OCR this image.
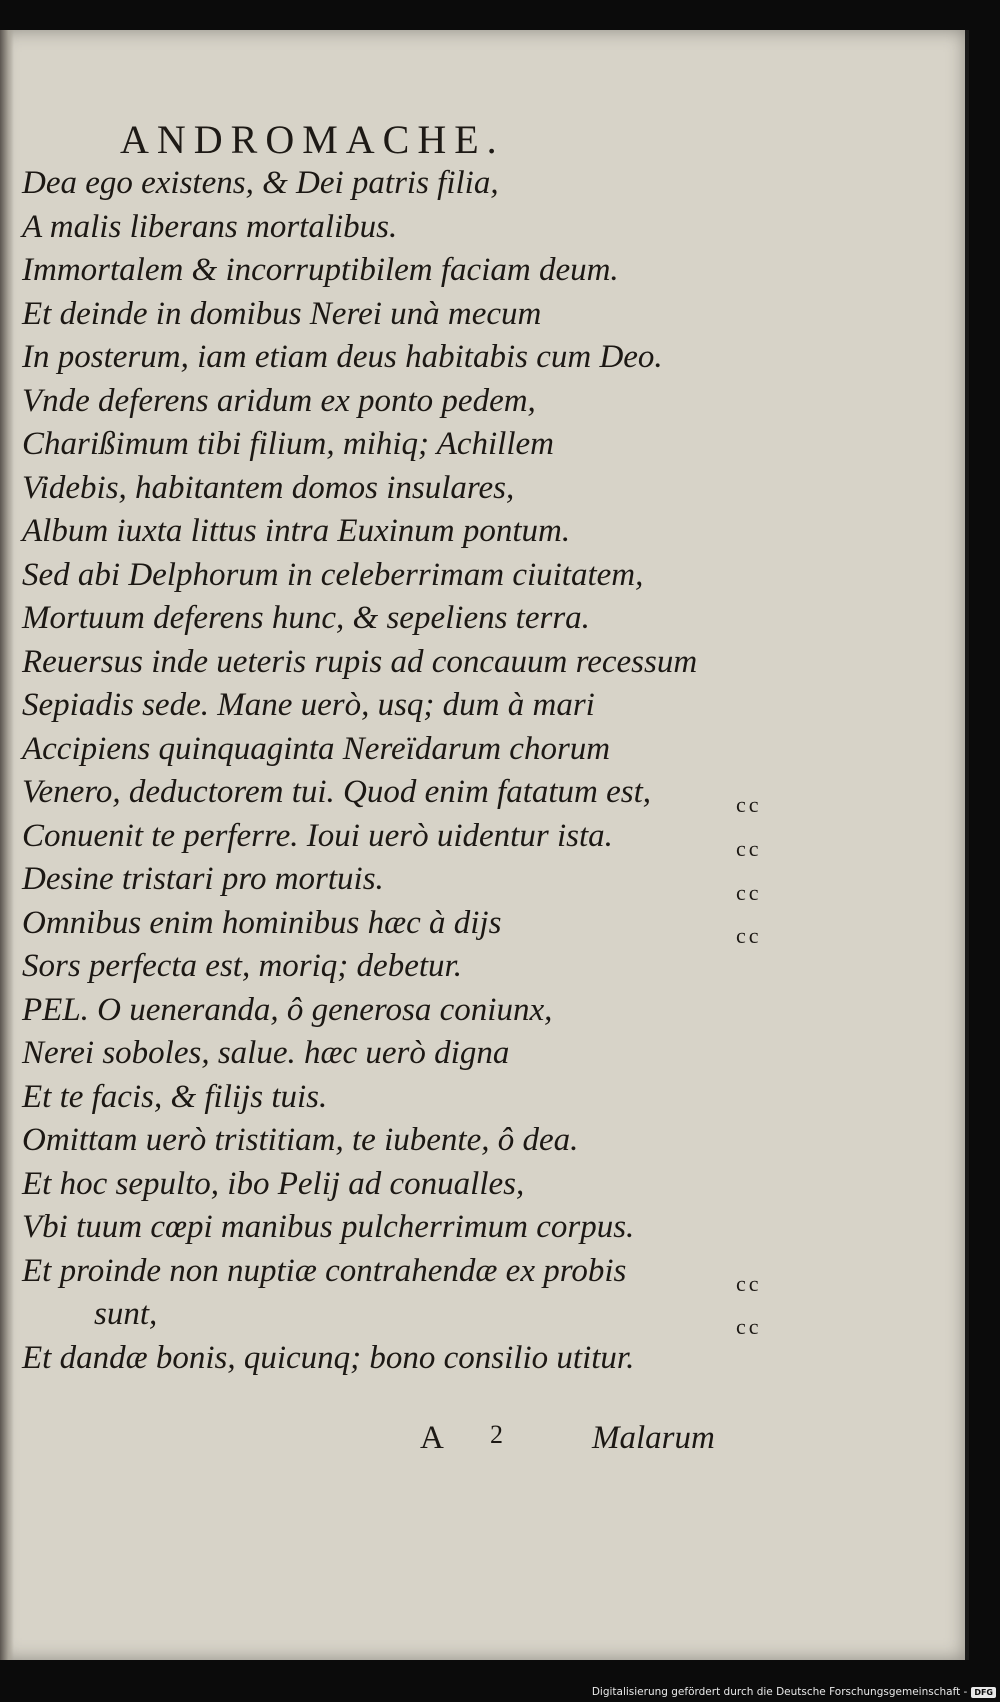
ANDROMACHE.
Dea ego existens, & Dei patris filia,
A malis liberans mortalibus.
Immortalem & incorruptibilem faciam deum.
Et deinde in domibus Nerei unà mecum
In posterum, iam etiam deus habitabis cum Deo.
Vnde deferens aridum ex ponto pedem,
Charißimum tibi filium, mihiq; Achillem
Videbis, habitantem domos insulares,
Album iuxta littus intra Euxinum pontum.
Sed abi Delphorum in celeberrimam ciuitatem,
Mortuum deferens hunc, & sepeliens terra.
Reuersus inde ueteris rupis ad concauum recessum
Sepiadis sede. Mane uerò, usq; dum à mari
Accipiens quinquaginta Nereïdarum chorum
Venero, deductorem tui. Quod enim fatatum est,
Conuenit te perferre. Ioui uerò uidentur ista.
Desine tristari pro mortuis.
Omnibus enim hominibus hæc à dijs
Sors perfecta est, moriq; debetur.
PEL. O ueneranda, ô generosa coniunx,
Nerei soboles, salue. hæc uerò digna
Et te facis, & filijs tuis.
Omittam uerò tristitiam, te iubente, ô dea.
Et hoc sepulto, ibo Pelij ad conualles,
Vbi tuum cœpi manibus pulcherrimum corpus.
Et proinde non nuptiæ contrahendæ ex probis
sunt,
Et dandæ bonis, quicunq; bono consilio utitur.
cc
cc
cc
cc
cc
cc
A 2	Malarum
Digitalisierung gefördert durch die Deutsche Forschungsgemeinschaft - DFG
